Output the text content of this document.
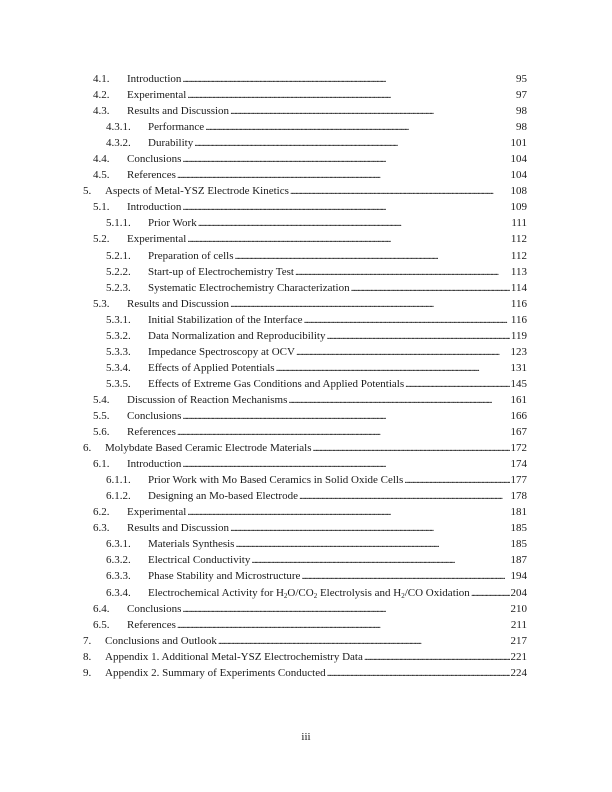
4.1. Introduction . . .	95
4.2. Experimental . . .	97
4.3. Results and Discussion . . .	98
4.3.1. Performance . . .	98
4.3.2. Durability . . .	101
4.4. Conclusions . . .	104
4.5. References . . .	104
5. Aspects of Metal-YSZ Electrode Kinetics . . .	108
5.1. Introduction . . .	109
5.1.1. Prior Work . . .	111
5.2. Experimental . . .	112
5.2.1. Preparation of cells . . .	112
5.2.2. Start-up of Electrochemistry Test . . .	113
5.2.3. Systematic Electrochemistry Characterization . . .	114
5.3. Results and Discussion . . .	116
5.3.1. Initial Stabilization of the Interface . . .	116
5.3.2. Data Normalization and Reproducibility . . .	119
5.3.3. Impedance Spectroscopy at OCV . . .	123
5.3.4. Effects of Applied Potentials . . .	131
5.3.5. Effects of Extreme Gas Conditions and Applied Potentials . . .	145
5.4. Discussion of Reaction Mechanisms . . .	161
5.5. Conclusions . . .	166
5.6. References . . .	167
6. Molybdate Based Ceramic Electrode Materials . . .	172
6.1. Introduction . . .	174
6.1.1. Prior Work with Mo Based Ceramics in Solid Oxide Cells . . .	177
6.1.2. Designing an Mo-based Electrode . . .	178
6.2. Experimental . . .	181
6.3. Results and Discussion . . .	185
6.3.1. Materials Synthesis . . .	185
6.3.2. Electrical Conductivity . . .	187
6.3.3. Phase Stability and Microstructure . . .	194
6.3.4. Electrochemical Activity for $H_2O/CO_2$ Electrolysis and $H_2/CO$ Oxidation . . .	204
6.4. Conclusions . . .	210
6.5. References . . .	211
7. Conclusions and Outlook . . .	217
8. Appendix 1. Additional Metal-YSZ Electrochemistry Data . . .	221
9. Appendix 2. Summary of Experiments Conducted . . .	224
iii
